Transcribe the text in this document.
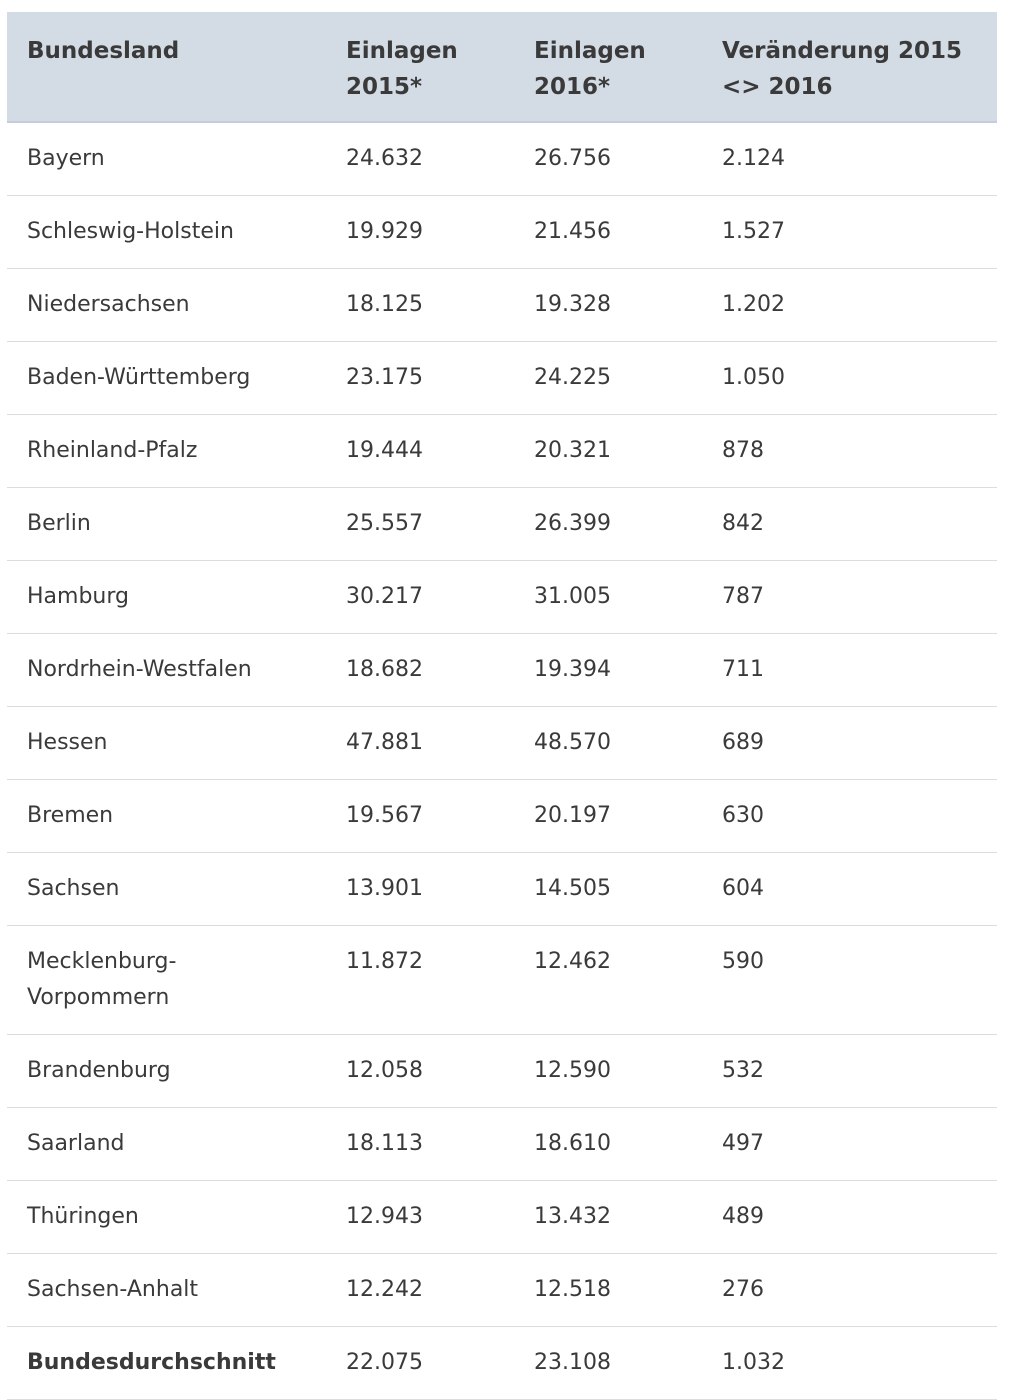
Bundesland	Einlagen 2015*	Einlagen 2016*	Veränderung 2015 <> 2016
Bayern	24.632	26.756	2.124
Schleswig-Holstein	19.929	21.456	1.527
Niedersachsen	18.125	19.328	1.202
Baden-Württemberg	23.175	24.225	1.050
Rheinland-Pfalz	19.444	20.321	878
Berlin	25.557	26.399	842
Hamburg	30.217	31.005	787
Nordrhein-Westfalen	18.682	19.394	711
Hessen	47.881	48.570	689
Bremen	19.567	20.197	630
Sachsen	13.901	14.505	604
Mecklenburg-Vorpommern	11.872	12.462	590
Brandenburg	12.058	12.590	532
Saarland	18.113	18.610	497
Thüringen	12.943	13.432	489
Sachsen-Anhalt	12.242	12.518	276
Bundesdurchschnitt	22.075	23.108	1.032
